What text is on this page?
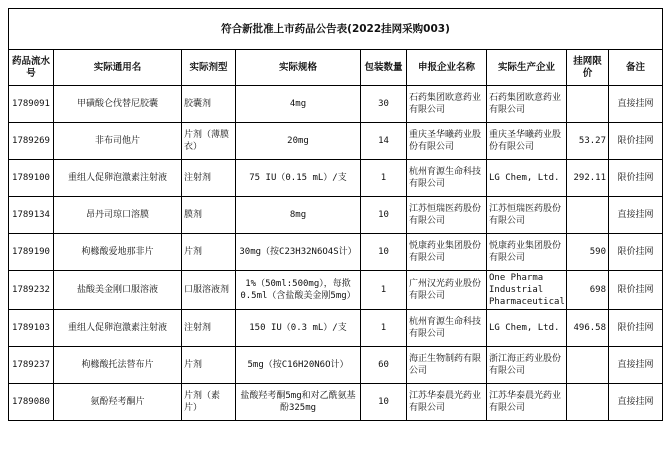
符合新批准上市药品公告表(2022挂网采购003)								
药品流水号	实际通用名	实际剂型	实际规格	包装数量	申报企业名称	实际生产企业	挂网限价	备注
1789091	甲磺酸仑伐替尼胶囊	胶囊剂	4mg	30	石药集团欧意药业有限公司	石药集团欧意药业有限公司		直接挂网
1789269	非布司他片	片剂（薄膜衣）	20mg	14	重庆圣华曦药业股份有限公司	重庆圣华曦药业股份有限公司	53.27	限价挂网
1789100	重组人促卵泡激素注射液	注射剂	75 IU（0.15 mL）/支	1	杭州育源生命科技有限公司	LG Chem, Ltd.	292.11	限价挂网
1789134	昂丹司琼口溶膜	膜剂	8mg	10	江苏恒瑞医药股份有限公司	江苏恒瑞医药股份有限公司		直接挂网
1789190	枸橼酸爱地那非片	片剂	30mg（按C23H32N6O4S计）	10	悦康药业集团股份有限公司	悦康药业集团股份有限公司	590	限价挂网
1789232	盐酸美金刚口服溶液	口服溶液剂	1%（50ml:500mg），每揿0.5ml（含盐酸美金刚5mg）	1	广州汉光药业股份有限公司	One Pharma Industrial Pharmaceutical	698	限价挂网
1789103	重组人促卵泡激素注射液	注射剂	150 IU（0.3 mL）/支	1	杭州育源生命科技有限公司	LG Chem, Ltd.	496.58	限价挂网
1789237	枸橼酸托法替布片	片剂	5mg（按C16H20N6O计）	60	海正生物制药有限公司	浙江海正药业股份有限公司		直接挂网
1789080	氨酚羟考酮片	片剂（素片）	盐酸羟考酮5mg和对乙酰氨基酚325mg	10	江苏华泰晨光药业有限公司	江苏华泰晨光药业有限公司		直接挂网
